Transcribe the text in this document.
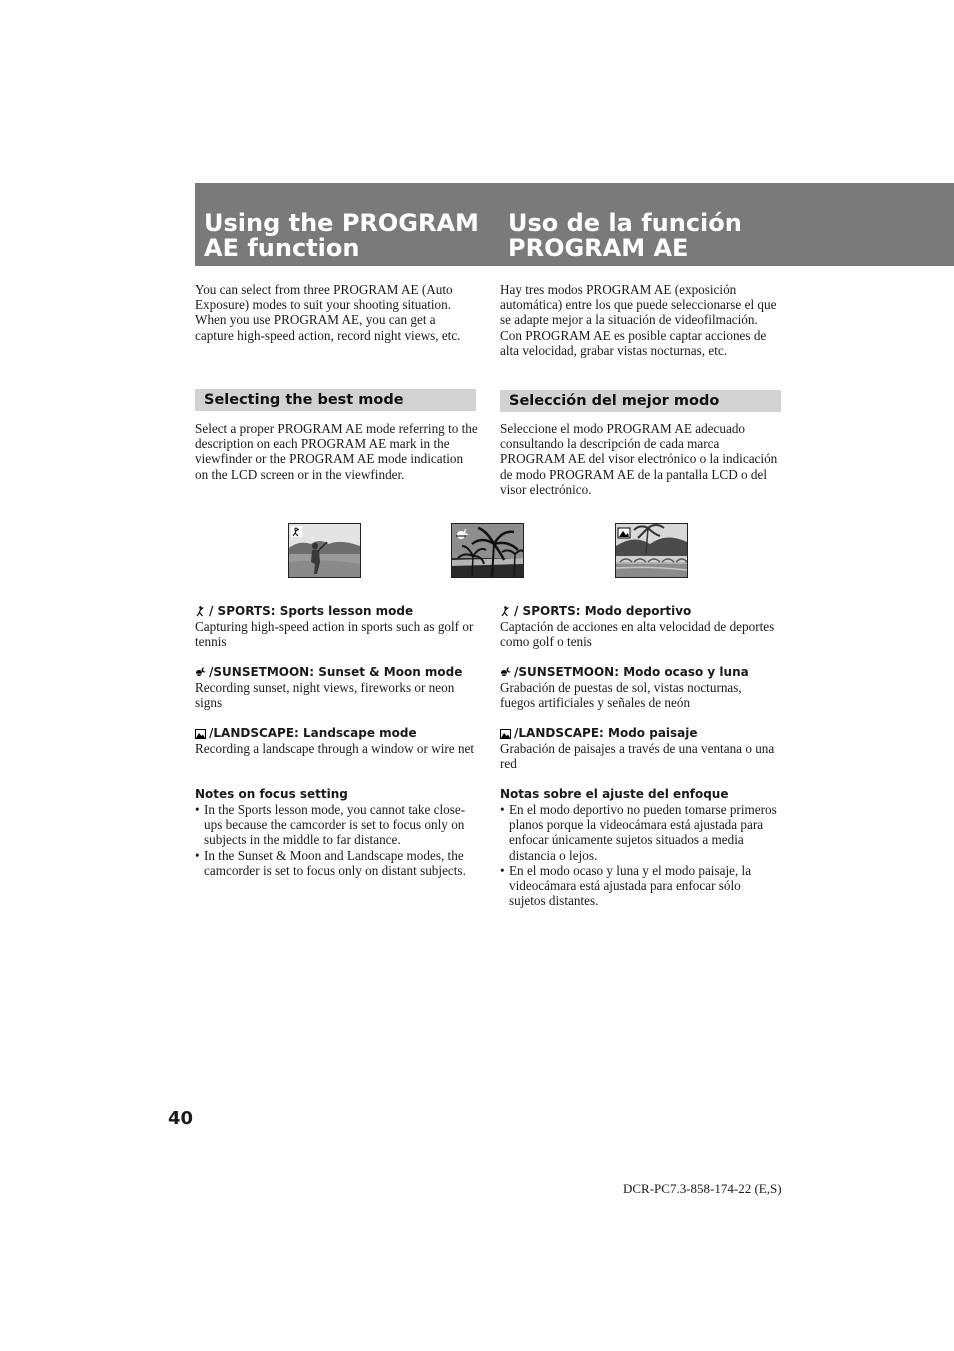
Using the PROGRAM
AE function
Uso de la función
PROGRAM AE

You can select from three PROGRAM AE (Auto Exposure) modes to suit your shooting situation. When you use PROGRAM AE, you can get a capture high-speed action, record night views, etc.

Hay tres modos PROGRAM AE (exposición automática) entre los que puede seleccionarse el que se adapte mejor a la situación de videofilmación. Con PROGRAM AE es posible captar acciones de alta velocidad, grabar vistas nocturnas, etc.

Selecting the best mode	Selección del mejor modo

Select a proper PROGRAM AE mode referring to the description on each PROGRAM AE mark in the viewfinder or the PROGRAM AE mode indication on the LCD screen or in the viewfinder.

Seleccione el modo PROGRAM AE adecuado consultando la descripción de cada marca PROGRAM AE del visor electrónico o la indicación de modo PROGRAM AE de la pantalla LCD o del visor electrónico.

/ SPORTS: Sports lesson mode
Capturing high-speed action in sports such as golf or tennis
/SUNSETMOON: Sunset & Moon mode
Recording sunset, night views, fireworks or neon signs
/LANDSCAPE: Landscape mode
Recording a landscape through a window or wire net
/ SPORTS: Modo deportivo
Captación de acciones en alta velocidad de deportes como golf o tenis
/SUNSETMOON: Modo ocaso y luna
Grabación de puestas de sol, vistas nocturnas, fuegos artificiales y señales de neón
/LANDSCAPE: Modo paisaje
Grabación de paisajes a través de una ventana o una red
Notes on focus setting
• In the Sports lesson mode, you cannot take close-ups because the camcorder is set to focus only on subjects in the middle to far distance.
• In the Sunset & Moon and Landscape modes, the camcorder is set to focus only on distant subjects.
Notas sobre el ajuste del enfoque
• En el modo deportivo no pueden tomarse primeros planos porque la videocámara está ajustada para enfocar únicamente sujetos situados a media distancia o lejos.
• En el modo ocaso y luna y el modo paisaje, la videocámara está ajustada para enfocar sólo sujetos distantes.
40
DCR-PC7.3-858-174-22 (E,S)
